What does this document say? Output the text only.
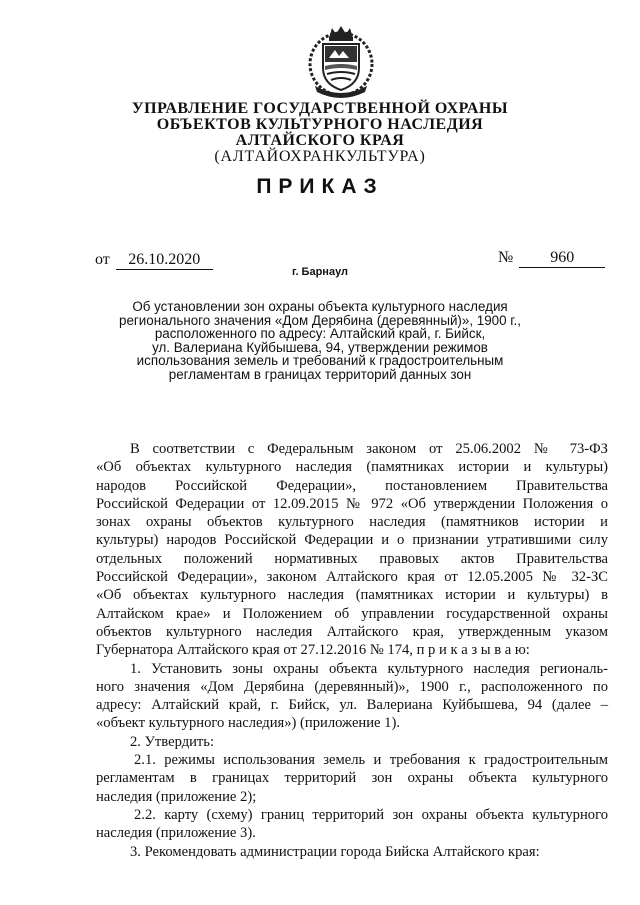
УПРАВЛЕНИЕ ГОСУДАРСТВЕННОЙ ОХРАНЫ
ОБЪЕКТОВ КУЛЬТУРНОГО НАСЛЕДИЯ
АЛТАЙСКОГО КРАЯ
(АЛТАЙОХРАНКУЛЬТУРА)
ПРИКАЗ
от 26.10.2020	№ 960
г. Барнаул
Об установлении зон охраны объекта культурного наследия
регионального значения «Дом Дерябина (деревянный)», 1900 г.,
расположенного по адресу: Алтайский край, г. Бийск,
ул. Валериана Куйбышева, 94, утверждении режимов
использования земель и требований к градостроительным
регламентам в границах территорий данных зон
В соответствии с Федеральным законом от 25.06.2002 № 73-ФЗ
«Об объектах культурного наследия (памятниках истории и культуры)
народов Российской Федерации», постановлением Правительства
Российской Федерации от 12.09.2015 № 972 «Об утверждении Положения о
зонах охраны объектов культурного наследия (памятников истории и
культуры) народов Российской Федерации и о признании утратившими силу
отдельных положений нормативных правовых актов Правительства
Российской Федерации», законом Алтайского края от 12.05.2005 № 32-ЗС
«Об объектах культурного наследия (памятниках истории и культуры) в
Алтайском крае» и Положением об управлении государственной охраны
объектов культурного наследия Алтайского края, утвержденным указом
Губернатора Алтайского края от 27.12.2016 № 174, п р и к а з ы в а ю:
1. Установить зоны охраны объекта культурного наследия региональ-
ного значения «Дом Дерябина (деревянный)», 1900 г., расположенного по
адресу: Алтайский край, г. Бийск, ул. Валериана Куйбышева, 94 (далее –
«объект культурного наследия») (приложение 1).
2. Утвердить:
2.1. режимы использования земель и требования к градостроительным
регламентам в границах территорий зон охраны объекта культурного
наследия (приложение 2);
2.2. карту (схему) границ территорий зон охраны объекта культурного
наследия (приложение 3).
3. Рекомендовать администрации города Бийска Алтайского края:
